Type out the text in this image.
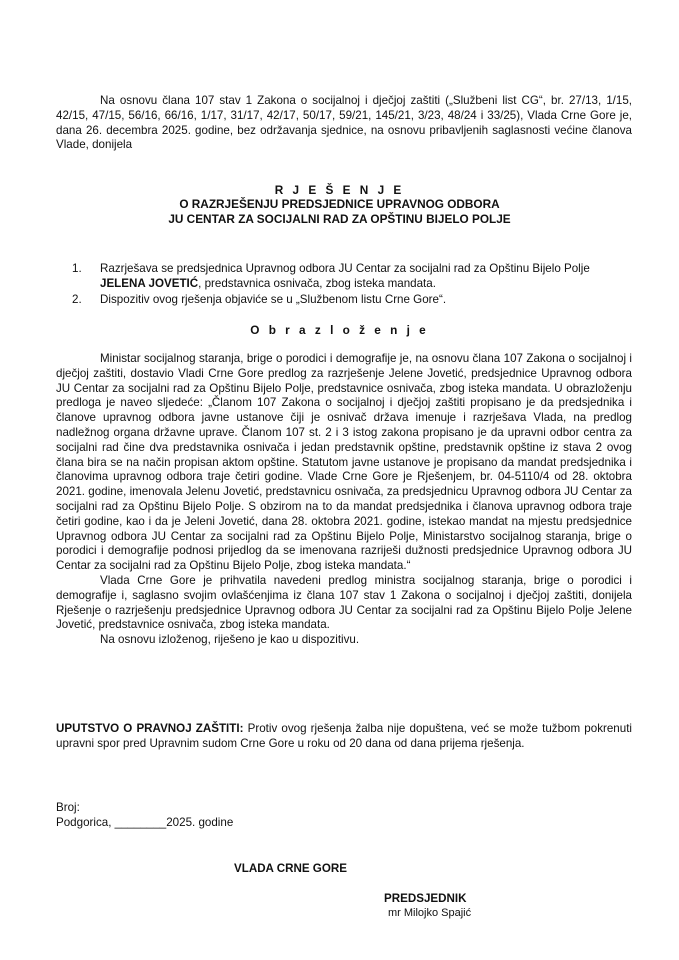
Na osnovu člana 107 stav 1 Zakona o socijalnoj i dječjoj zaštiti („Službeni list CG“, br. 27/13, 1/15, 42/15, 47/15, 56/16, 66/16, 1/17, 31/17, 42/17, 50/17, 59/21, 145/21, 3/23, 48/24 i 33/25), Vlada Crne Gore je, dana 26. decembra 2025. godine, bez održavanja sjednice, na osnovu pribavljenih saglasnosti većine članova Vlade, donijela
R J E Š E N J E
O RAZRJEŠENJU PREDSJEDNICE UPRAVNOG ODBORA
JU CENTAR ZA SOCIJALNI RAD ZA OPŠTINU BIJELO POLJE
1. Razrješava se predsjednica Upravnog odbora JU Centar za socijalni rad za Opštinu Bijelo Polje JELENA JOVETIĆ, predstavnica osnivača, zbog isteka mandata.
2. Dispozitiv ovog rješenja objaviće se u „Službenom listu Crne Gore“.
O b r a z l o ž e n j e
Ministar socijalnog staranja, brige o porodici i demografije je, na osnovu člana 107 Zakona o socijalnoj i dječjoj zaštiti, dostavio Vladi Crne Gore predlog za razrješenje Jelene Jovetić, predsjednice Upravnog odbora JU Centar za socijalni rad za Opštinu Bijelo Polje, predstavnice osnivača, zbog isteka mandata. U obrazloženju predloga je naveo sljedeće: „Članom 107 Zakona o socijalnoj i dječjoj zaštiti propisano je da predsjednika i članove upravnog odbora javne ustanove čiji je osnivač država imenuje i razrješava Vlada, na predlog nadležnog organa državne uprave. Članom 107 st. 2 i 3 istog zakona propisano je da upravni odbor centra za socijalni rad čine dva predstavnika osnivača i jedan predstavnik opštine, predstavnik opštine iz stava 2 ovog člana bira se na način propisan aktom opštine. Statutom javne ustanove je propisano da mandat predsjednika i članovima upravnog odbora traje četiri godine. Vlade Crne Gore je Rješenjem, br. 04-5110/4 od 28. oktobra 2021. godine, imenovala Jelenu Jovetić, predstavnicu osnivača, za predsjednicu Upravnog odbora JU Centar za socijalni rad za Opštinu Bijelo Polje. S obzirom na to da mandat predsjednika i članova upravnog odbora traje četiri godine, kao i da je Jeleni Jovetić, dana 28. oktobra 2021. godine, istekao mandat na mjestu predsjednice Upravnog odbora JU Centar za socijalni rad za Opštinu Bijelo Polje, Ministarstvo socijalnog staranja, brige o porodici i demografije podnosi prijedlog da se imenovana razriješi dužnosti predsjednice Upravnog odbora JU Centar za socijalni rad za Opštinu Bijelo Polje, zbog isteka mandata.“
Vlada Crne Gore je prihvatila navedeni predlog ministra socijalnog staranja, brige o porodici i demografije i, saglasno svojim ovlašćenjima iz člana 107 stav 1 Zakona o socijalnoj i dječjoj zaštiti, donijela Rješenje o razrješenju predsjednice Upravnog odbora JU Centar za socijalni rad za Opštinu Bijelo Polje Jelene Jovetić, predstavnice osnivača, zbog isteka mandata.
Na osnovu izloženog, riješeno je kao u dispozitivu.
UPUTSTVO O PRAVNOJ ZAŠTITI: Protiv ovog rješenja žalba nije dopuštena, već se može tužbom pokrenuti upravni spor pred Upravnim sudom Crne Gore u roku od 20 dana od dana prijema rješenja.
Broj:
Podgorica, ________2025. godine
VLADA CRNE GORE
PREDSJEDNIK
mr Milojko Spajić
